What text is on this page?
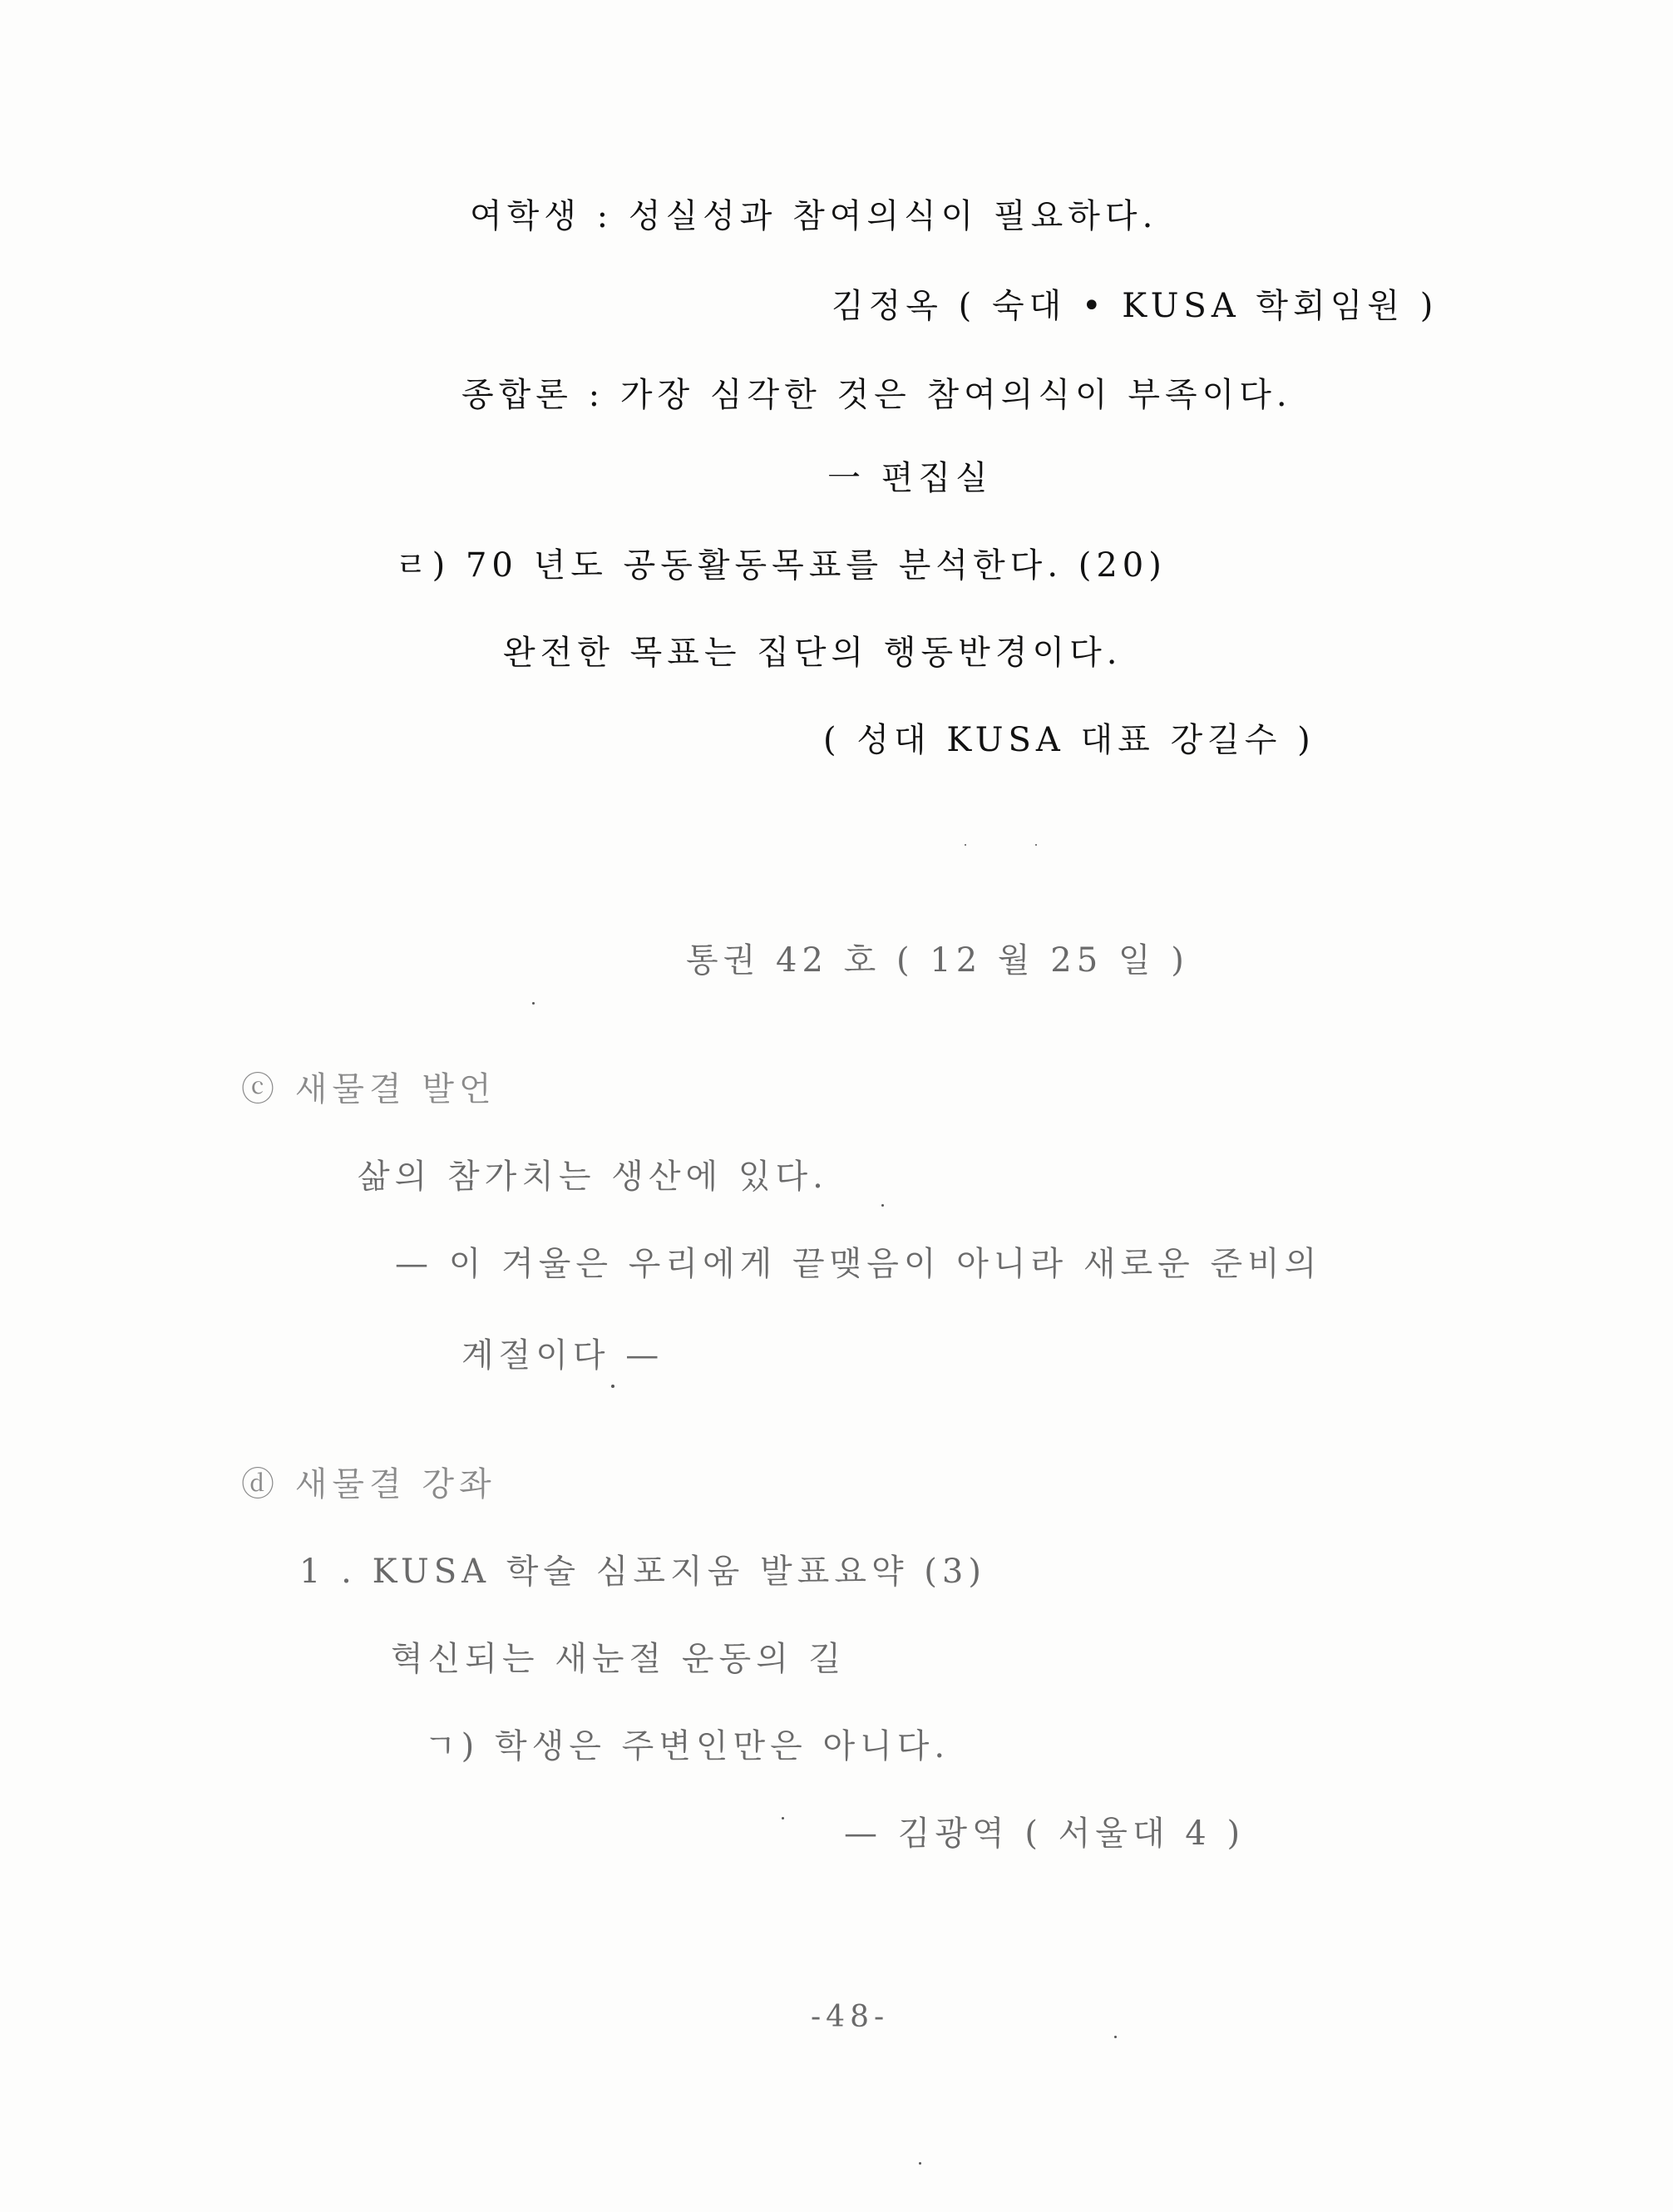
여학생 : 성실성과 참여의식이 필요하다.
김정옥 ( 숙대 • KUSA 학회임원 )
종합론 : 가장 심각한 것은 참여의식이 부족이다.
一 편집실
ㄹ) 70 년도 공동활동목표를 분석한다. (20)
완전한 목표는 집단의 행동반경이다.
( 성대 KUSA 대표 강길수 )
통권 42 호 ( 12 월 25 일 )
ⓒ 새물결 발언
삶의 참가치는 생산에 있다.
— 이 겨울은 우리에게 끝맺음이 아니라 새로운 준비의
계절이다 —
ⓓ 새물결 강좌
1 . KUSA 학술 심포지움 발표요약 (3)
혁신되는 새눈절 운동의 길
ㄱ) 학생은 주변인만은 아니다.
— 김광역 ( 서울대 4 )
-48-
